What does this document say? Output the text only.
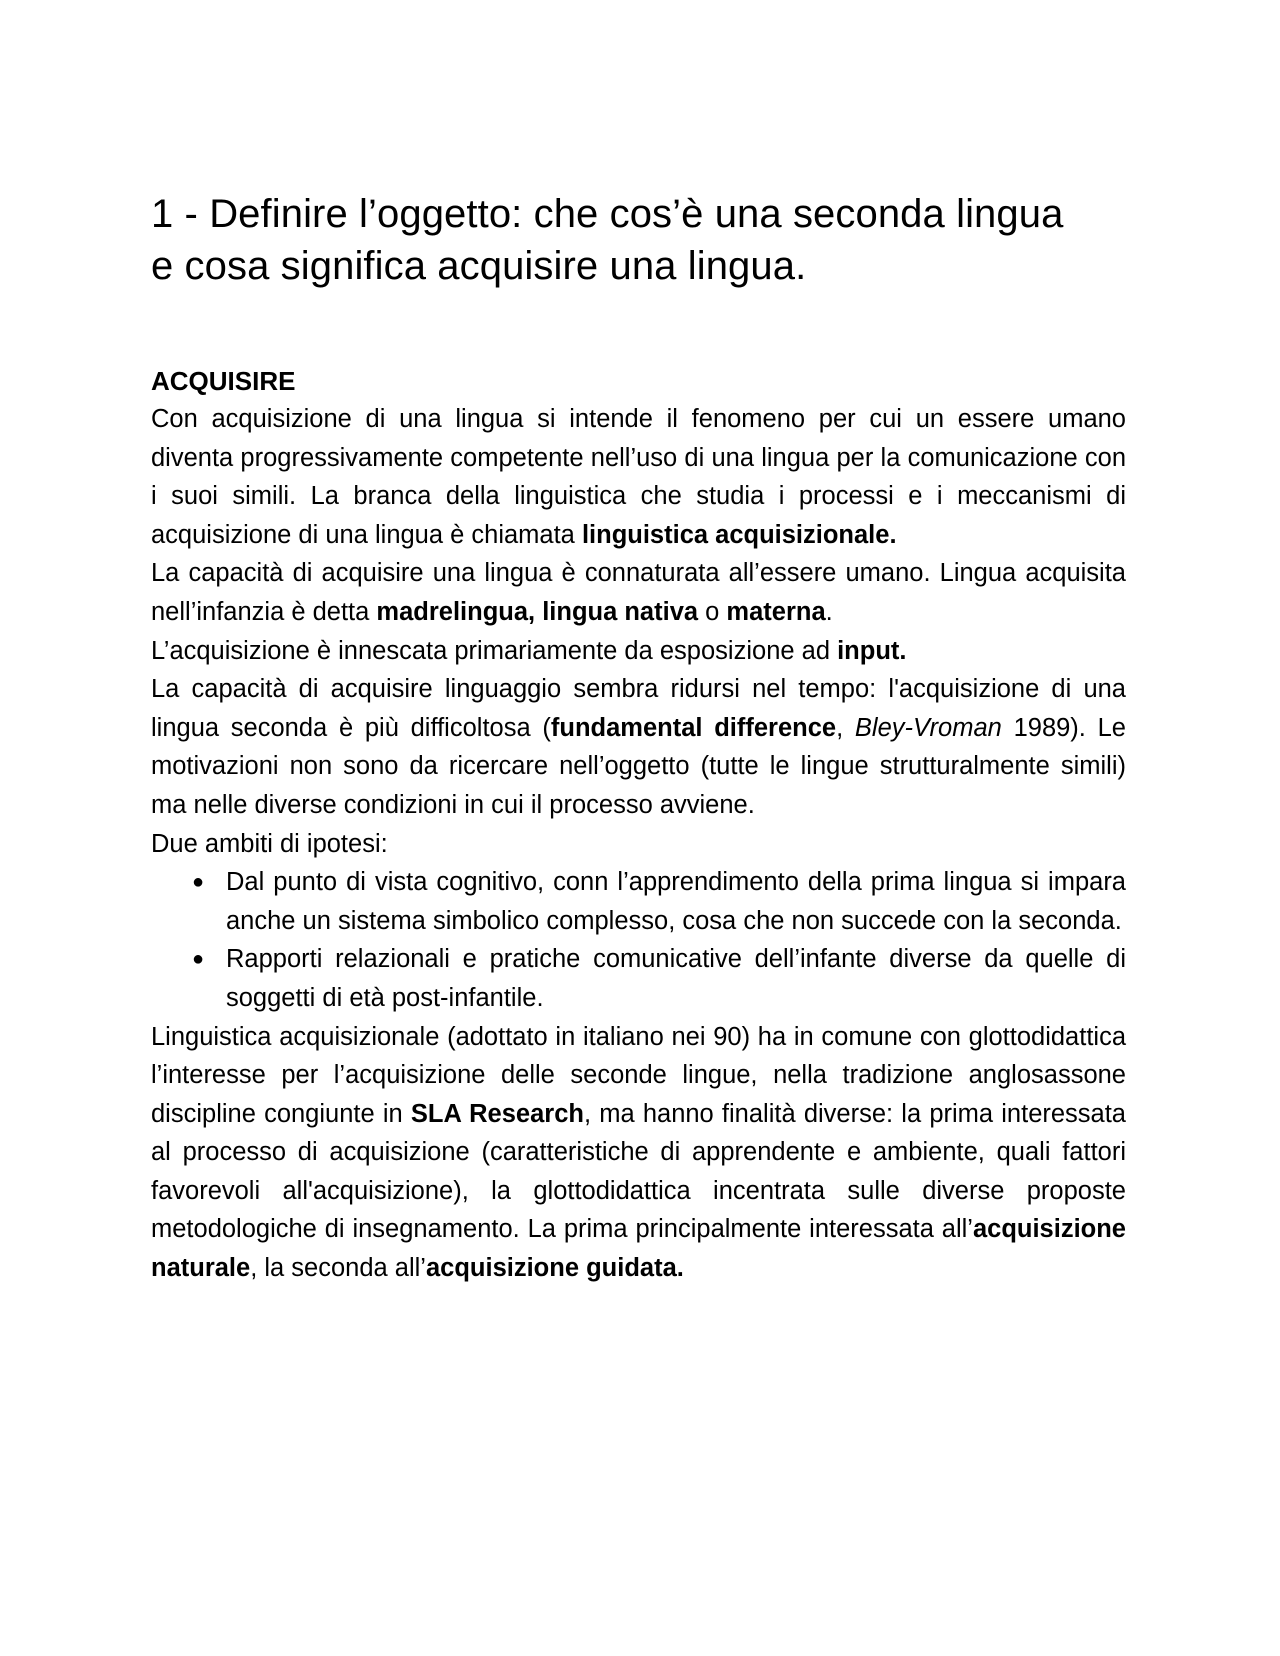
1 - Definire l’oggetto: che cos’è una seconda lingua
e cosa significa acquisire una lingua.
ACQUISIRE

Con acquisizione di una lingua si intende il fenomeno per cui un essere umano diventa progressivamente competente nell’uso di una lingua per la comunicazione con i suoi simili. La branca della linguistica che studia i processi e i meccanismi di acquisizione di una lingua è chiamata linguistica acquisizionale.

La capacità di acquisire una lingua è connaturata all’essere umano. Lingua acquisita nell’infanzia è detta madrelingua, lingua nativa o materna.

L’acquisizione è innescata primariamente da esposizione ad input.

La capacità di acquisire linguaggio sembra ridursi nel tempo: l'acquisizione di una lingua seconda è più difficoltosa (fundamental difference, Bley-Vroman 1989). Le motivazioni non sono da ricercare nell’oggetto (tutte le lingue strutturalmente simili) ma nelle diverse condizioni in cui il processo avviene.

Due ambiti di ipotesi:

● Dal punto di vista cognitivo, conn l’apprendimento della prima lingua si impara anche un sistema simbolico complesso, cosa che non succede con la seconda.
● Rapporti relazionali e pratiche comunicative dell’infante diverse da quelle di soggetti di età post-infantile.

Linguistica acquisizionale (adottato in italiano nei 90) ha in comune con glottodidattica l’interesse per l’acquisizione delle seconde lingue, nella tradizione anglosassone discipline congiunte in SLA Research, ma hanno finalità diverse: la prima interessata al processo di acquisizione (caratteristiche di apprendente e ambiente, quali fattori favorevoli all'acquisizione), la glottodidattica incentrata sulle diverse proposte metodologiche di insegnamento. La prima principalmente interessata all’acquisizione naturale, la seconda all’acquisizione guidata.
